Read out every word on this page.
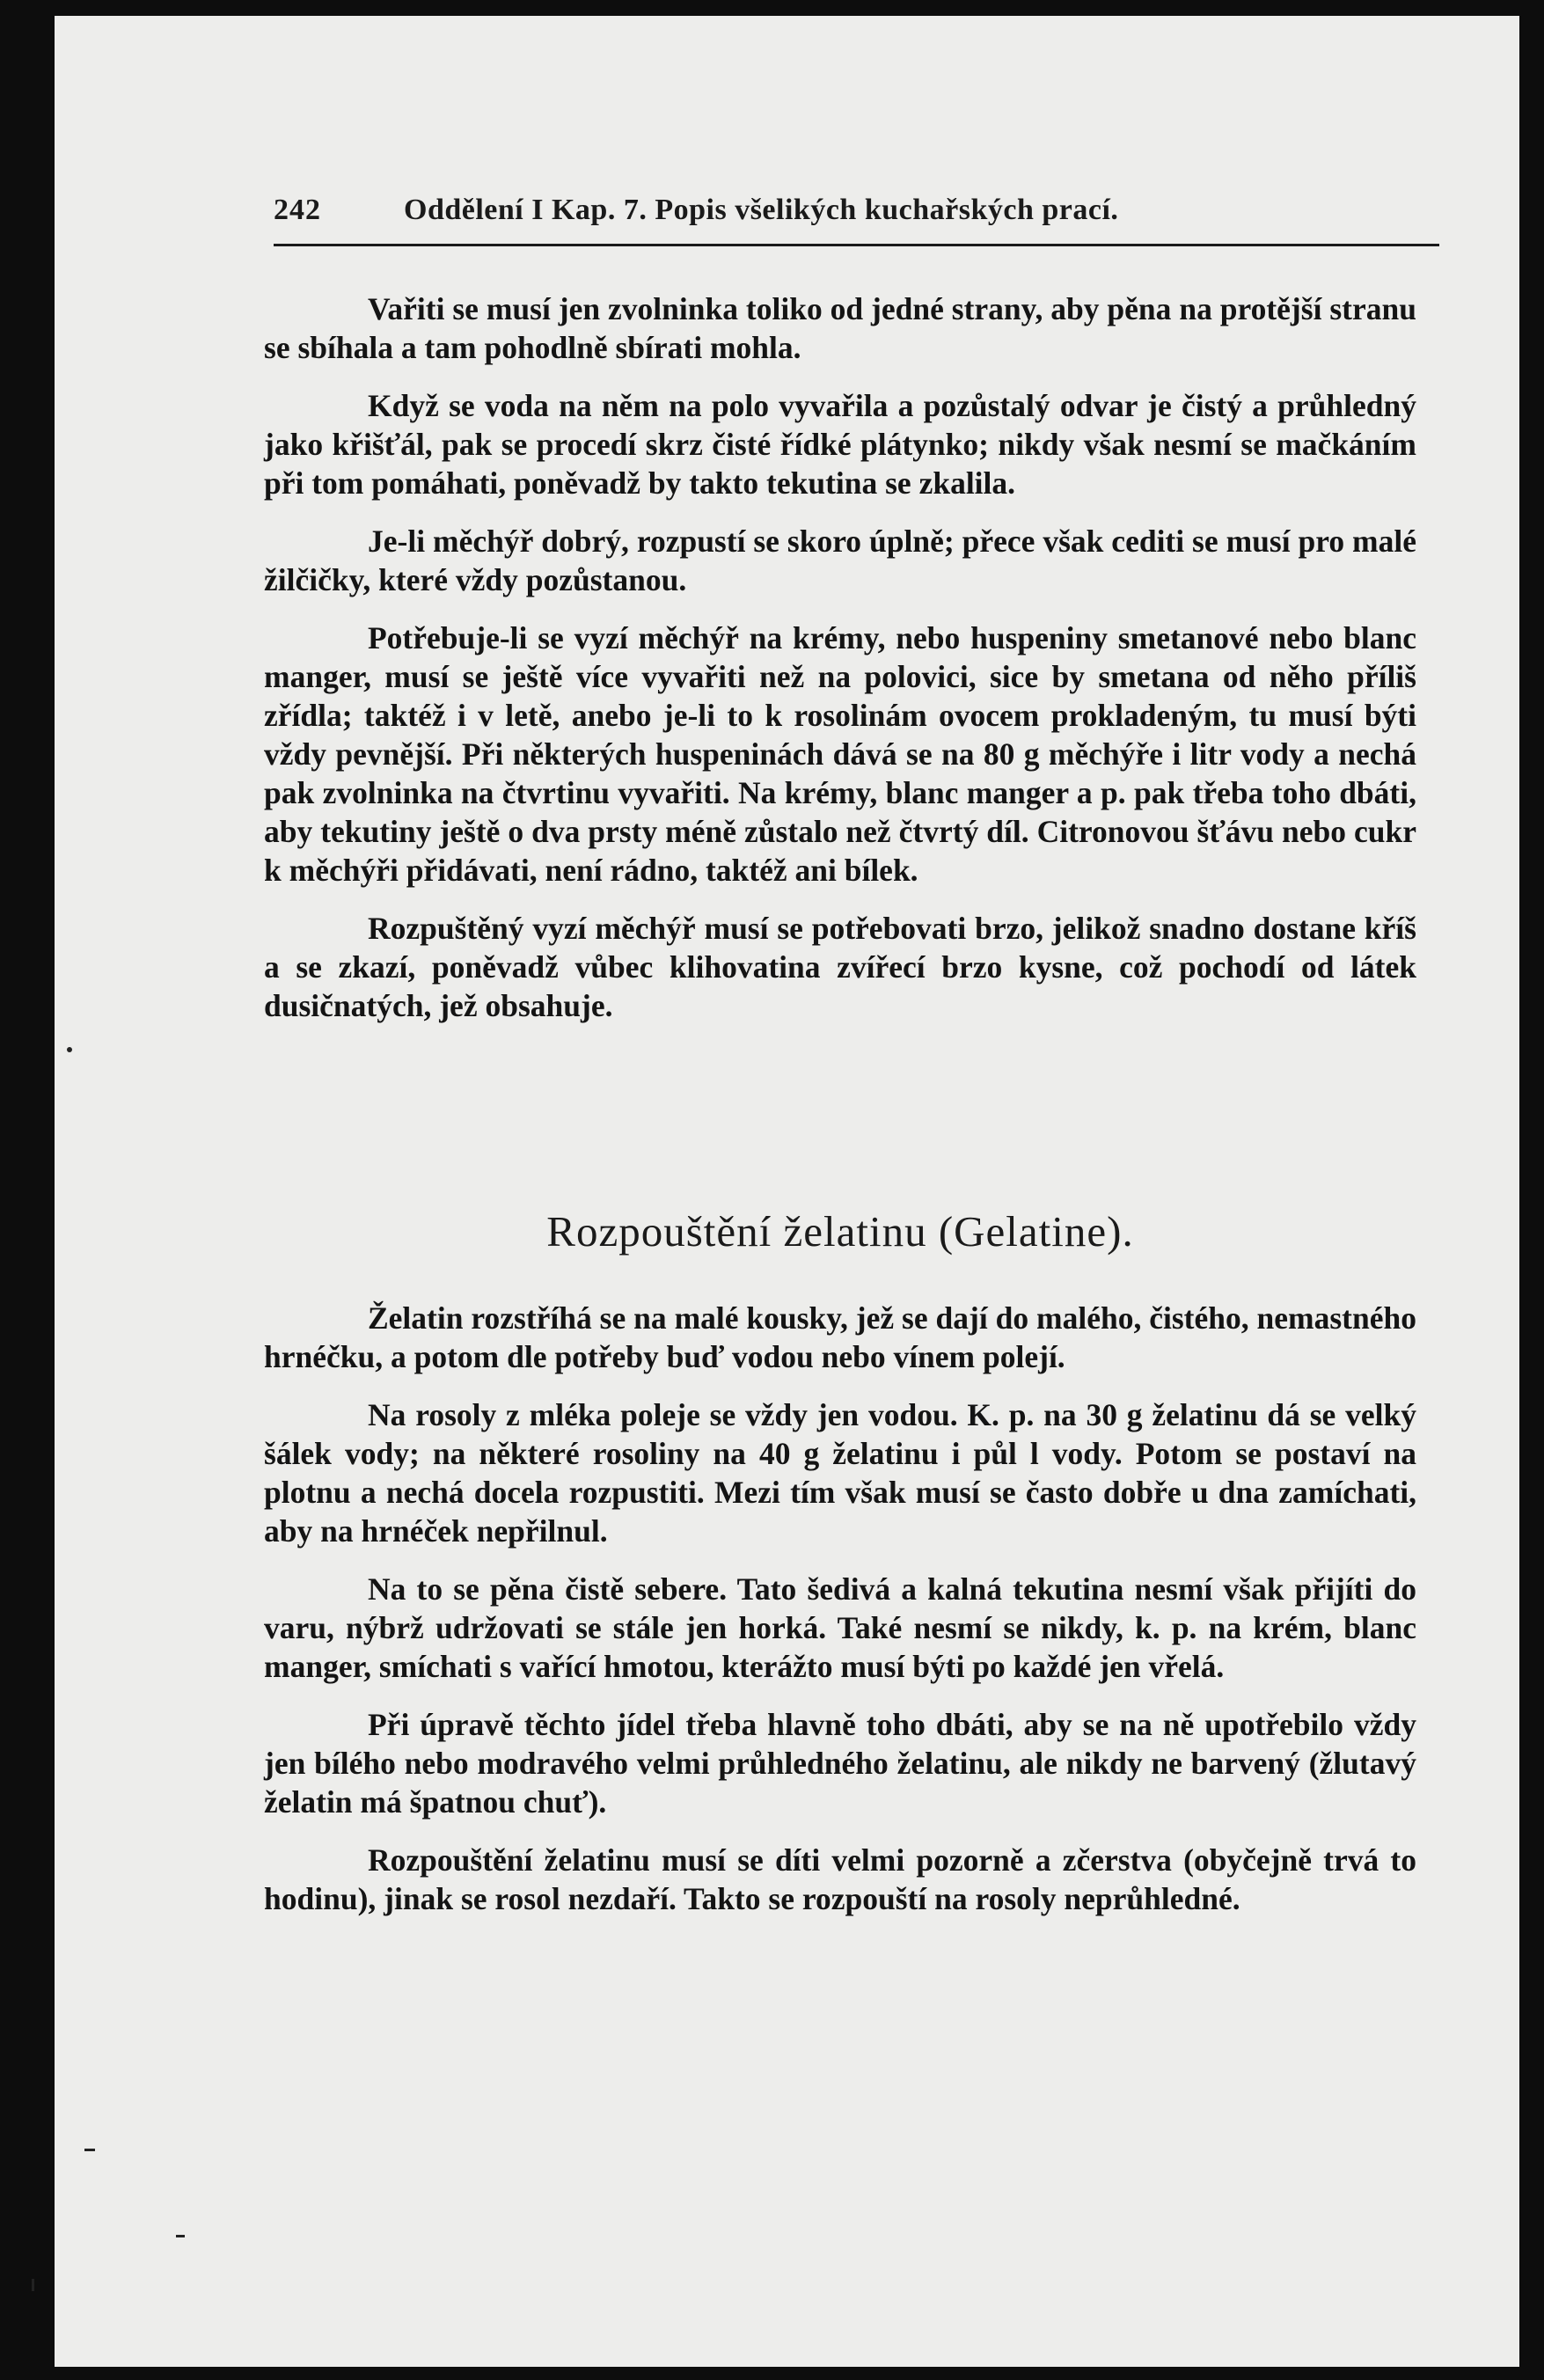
242	Oddělení I Kap. 7. Popis všelikých kuchařských prací.

Vařiti se musí jen zvolninka toliko od jedné strany, aby pěna na protější stranu se sbíhala a tam pohodlně sbírati mohla.

Když se voda na něm na polo vyvařila a pozůstalý odvar je čistý a průhledný jako křišťál, pak se procedí skrz čisté řídké plátynko; nikdy však nesmí se mačkáním při tom pomáhati, poněvadž by takto tekutina se zkalila.

Je-li měchýř dobrý, rozpustí se skoro úplně; přece však cediti se musí pro malé žilčičky, které vždy pozůstanou.

Potřebuje-li se vyzí měchýř na krémy, nebo huspeniny smetanové nebo blanc manger, musí se ještě více vyvařiti než na polovici, sice by smetana od něho příliš zřídla; taktéž i v letě, anebo je-li to k rosolinám ovocem prokladeným, tu musí býti vždy pevnější. Při některých huspeninách dává se na 80 g měchýře i litr vody a nechá pak zvolninka na čtvrtinu vyvařiti. Na krémy, blanc manger a p. pak třeba toho dbáti, aby tekutiny ještě o dva prsty méně zůstalo než čtvrtý díl. Citronovou šťávu nebo cukr k měchýři přidávati, není rádno, taktéž ani bílek.

Rozpuštěný vyzí měchýř musí se potřebovati brzo, jelikož snadno dostane kříš a se zkazí, poněvadž vůbec klihovatina zvířecí brzo kysne, což pochodí od látek dusičnatých, jež obsahuje.

Rozpouštění želatinu (Gelatine).

Želatin rozstříhá se na malé kousky, jež se dají do malého, čistého, nemastného hrnéčku, a potom dle potřeby buď vodou nebo vínem polejí.

Na rosoly z mléka poleje se vždy jen vodou. K. p. na 30 g želatinu dá se velký šálek vody; na některé rosoliny na 40 g želatinu i půl l vody. Potom se postaví na plotnu a nechá docela rozpustiti. Mezi tím však musí se často dobře u dna zamíchati, aby na hrnéček nepřilnul.

Na to se pěna čistě sebere. Tato šedivá a kalná tekutina nesmí však přijíti do varu, nýbrž udržovati se stále jen horká. Také nesmí se nikdy, k. p. na krém, blanc manger, smíchati s vařící hmotou, kterážto musí býti po každé jen vřelá.

Při úpravě těchto jídel třeba hlavně toho dbáti, aby se na ně upotřebilo vždy jen bílého nebo modravého velmi průhledného želatinu, ale nikdy ne barvený (žlutavý želatin má špatnou chuť).

Rozpouštění želatinu musí se díti velmi pozorně a zčerstva (obyčejně trvá to hodinu), jinak se rosol nezdaří. Takto se rozpouští na rosoly neprůhledné.
